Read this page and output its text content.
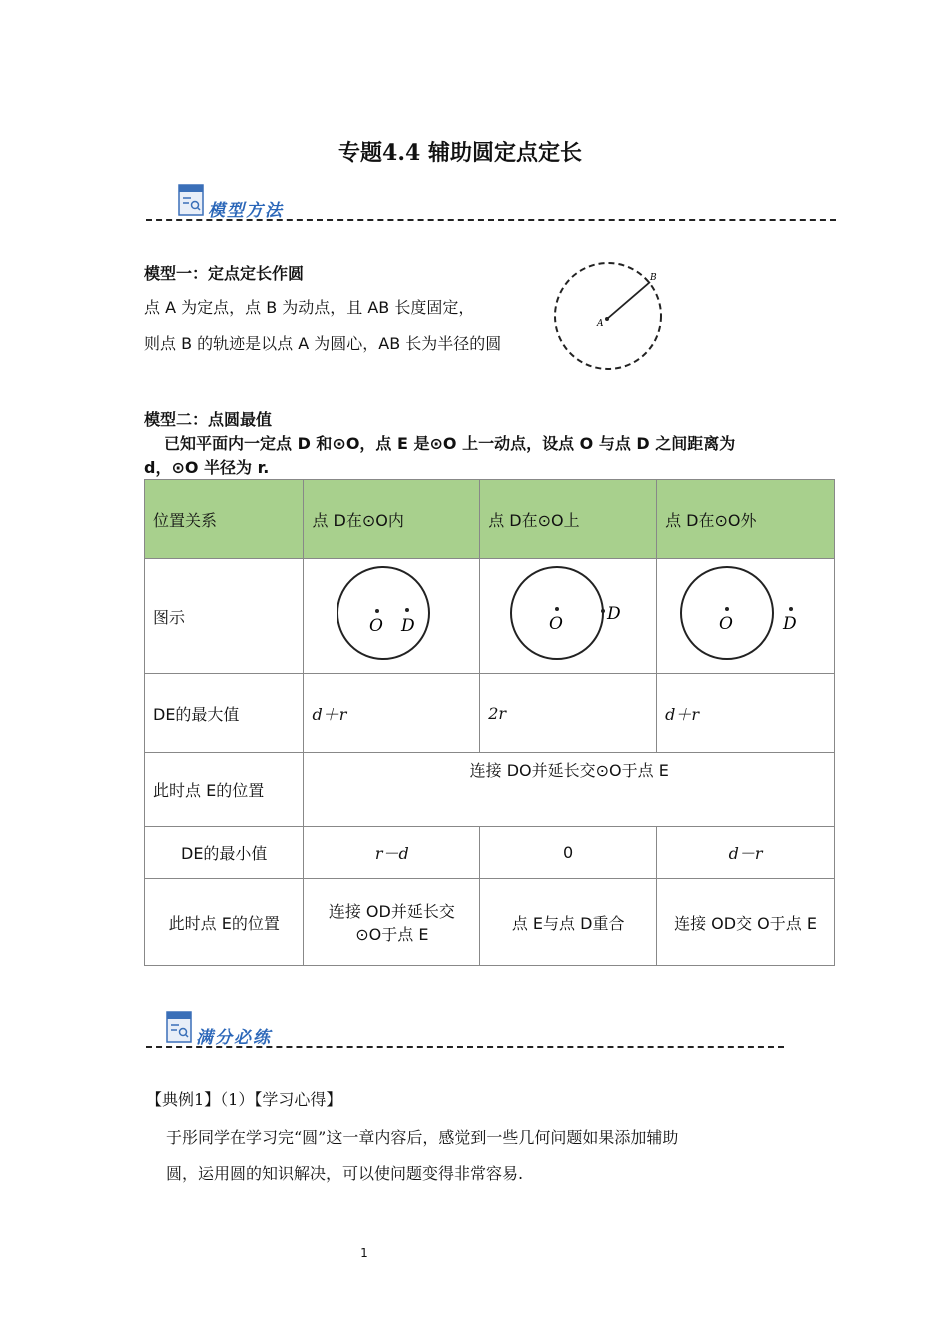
专题4.4 辅助圆定点定长
模型方法
模型一：定点定长作圆
点 A 为定点，点 B 为动点，且 AB 长度固定，
则点 B 的轨迹是以点 A 为圆心，AB 长为半径的圆
A
B
模型二：点圆最值
已知平面内一定点 D 和⊙O，点 E 是⊙O 上一动点，设点 O 与点 D 之间距离为
d，⊙O 半径为 r.
位置关系	点 D在⊙O内	点 D在⊙O上	点 D在⊙O外
图示	O D	O D	O D

DE的最大值	d＋r	2r	d＋r
此时点 E的位置	连接 DO并延长交⊙O于点 E		
DE的最小值	r－d	0	d－r
此时点 E的位置	连接 OD并延长交
⊙O于点 E	点 E与点 D重合	连接 OD交 O于点 E
满分必练
【典例1】（1）【学习心得】
于彤同学在学习完“圆”这一章内容后，感觉到一些几何问题如果添加辅助
圆，运用圆的知识解决，可以使问题变得非常容易.
1
